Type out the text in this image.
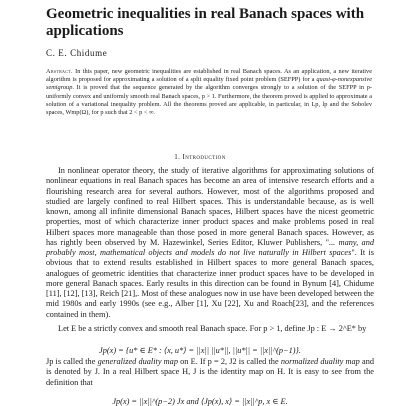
Geometric inequalities in real Banach spaces with applications
C. E. Chidume
Abstract. In this paper, new geometric inequalities are established in real Banach spaces. As an application, a new iterative algorithm is proposed for approximating a solution of a split equality fixed point problem (SEFPP) for a quasi-φ-nonexpansive semigroup. It is proved that the sequence generated by the algorithm converges strongly to a solution of the SEFPP in p-uniformly convex and uniformly smooth real Banach spaces, p > 1. Furthermore, the theorem proved is applied to approximate a solution of a variational inequality problem. All the theorems proved are applicable, in particular, in Lp, lp and the Sobolev spaces, Wmp(Ω), for p such that 2 < p < ∞.
1. Introduction
In nonlinear operator theory, the study of iterative algorithms for approximating solutions of nonlinear equations in real Banach spaces has become an area of intensive research efforts and a flourishing research area for several authors. However, most of the algorithms proposed and studied are largely confined to real Hilbert spaces. This is understandable because, as is well known, among all infinite dimensional Banach spaces, Hilbert spaces have the nicest geometric properties, most of which characterize inner product spaces and make problems posed in real Hilbert spaces more manageable than those posed in more general Banach spaces. However, as has rightly been observed by M. Hazewinkel, Series Editor, Kluwer Publishers, "... many, and probably most, mathematical objects and models do not live naturally in Hilbert spaces". It is obvious that to extend results established in Hilbert spaces to more general Banach spaces, analogues of geometric identities that characterize inner product spaces have to be developed in more general Banach spaces. Early results in this direction can be found in Bynum [4], Chidume [11], [12], [13], Reich [21],. Most of these analogues now in use have been developed between the mid 1980s and early 1990s (see e.g., Alber [1], Xu [22], Xu and Roach[23], and the references contained in them).
Let E be a strictly convex and smooth real Banach space. For p > 1, define Jp : E → 2^E* by
Jp(x) = {u* ∈ E* : ⟨x, u*⟩ = ||x|| ||u*||, ||u*|| = ||x||^(p−1)}.
Jp is called the generalized duality map on E. If p = 2, J2 is called the normalized duality map and is denoted by J. In a real Hilbert space H, J is the identity map on H. It is easy to see from the definition that
Jp(x) = ||x||^(p−2) Jx and ⟨Jp(x), x⟩ = ||x||^p, x ∈ E.
